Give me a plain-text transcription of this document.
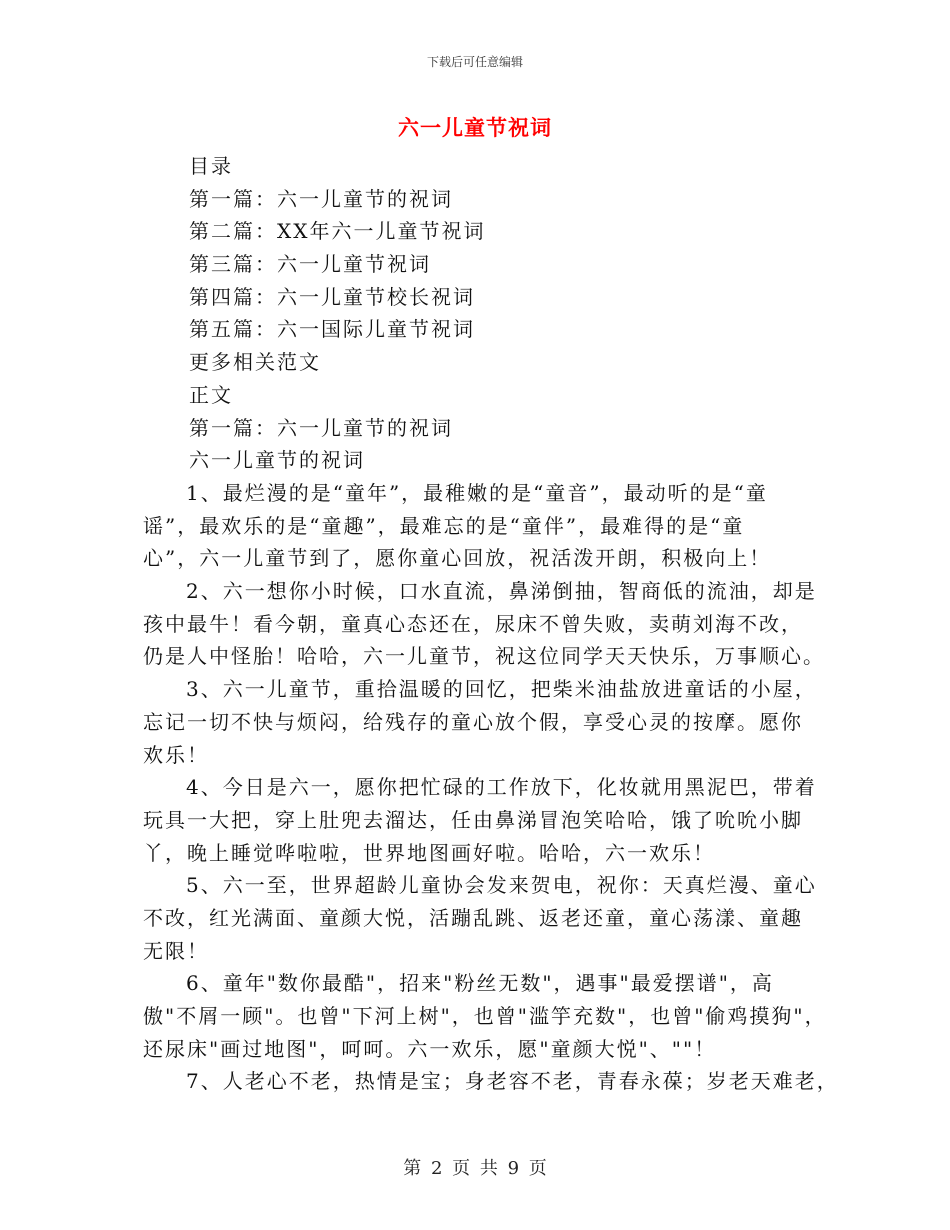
下载后可任意编辑
六一儿童节祝词
目录
第一篇：六一儿童节的祝词
第二篇：XX年六一儿童节祝词
第三篇：六一儿童节祝词
第四篇：六一儿童节校长祝词
第五篇：六一国际儿童节祝词
更多相关范文
正文
第一篇：六一儿童节的祝词
六一儿童节的祝词
1、最烂漫的是“童年”，最稚嫩的是“童音”，最动听的是“童
谣”，最欢乐的是“童趣”，最难忘的是“童伴”，最难得的是“童
心”，六一儿童节到了，愿你童心回放，祝活泼开朗，积极向上！
2、六一想你小时候，口水直流，鼻涕倒抽，智商低的流油，却是
孩中最牛！看今朝，童真心态还在，尿床不曾失败，卖萌刘海不改，
仍是人中怪胎！哈哈，六一儿童节，祝这位同学天天快乐，万事顺心。
3、六一儿童节，重拾温暖的回忆，把柴米油盐放进童话的小屋，
忘记一切不快与烦闷，给残存的童心放个假，享受心灵的按摩。愿你
欢乐！
4、今日是六一，愿你把忙碌的工作放下，化妆就用黑泥巴，带着
玩具一大把，穿上肚兜去溜达，任由鼻涕冒泡笑哈哈，饿了吮吮小脚
丫，晚上睡觉哗啦啦，世界地图画好啦。哈哈，六一欢乐！
5、六一至，世界超龄儿童协会发来贺电，祝你：天真烂漫、童心
不改，红光满面、童颜大悦，活蹦乱跳、返老还童，童心荡漾、童趣
无限！
6、童年"数你最酷"，招来"粉丝无数"，遇事"最爱摆谱"，高
傲"不屑一顾"。也曾"下河上树"，也曾"滥竽充数"，也曾"偷鸡摸狗"，
还尿床"画过地图"，呵呵。六一欢乐，愿"童颜大悦"、""！
7、人老心不老，热情是宝；身老容不老，青春永葆；岁老天难老，
第 2 页 共 9 页
